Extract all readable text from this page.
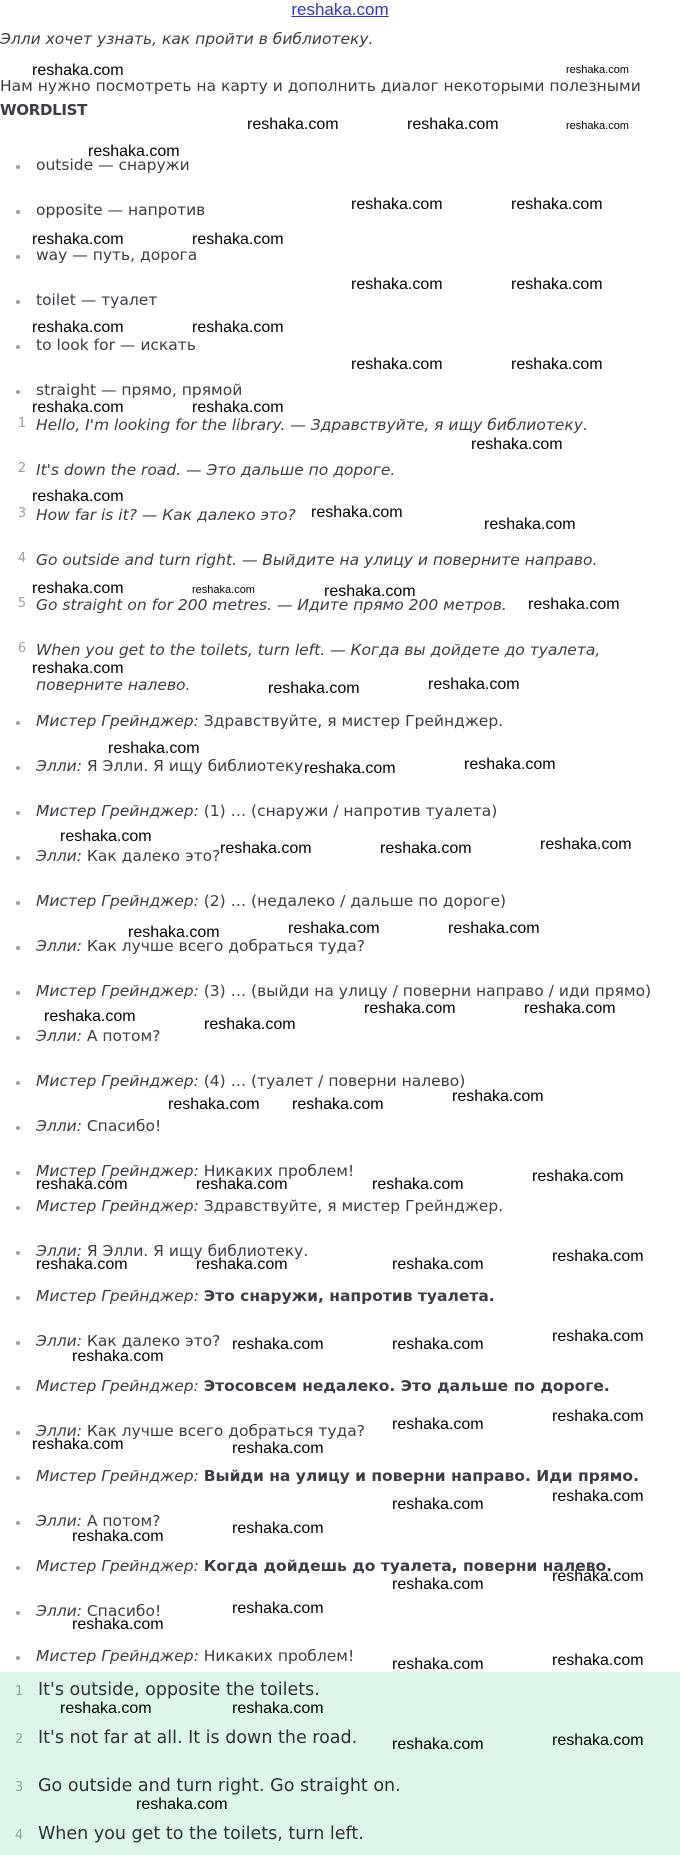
reshaka.com
Элли хочет узнать, как пройти в библиотеку.
Нам нужно посмотреть на карту и дополнить диалог некоторыми полезными
WORDLIST
outside — снаружи
opposite — напротив
way — путь, дорога
toilet — туалет
to look for — искать
straight — прямо, прямой
1 Hello, I'm looking for the library. — Здравствуйте, я ищу библиотеку.
2 It's down the road. — Это дальше по дороге.
3 How far is it? — Как далеко это?
4 Go outside and turn right. — Выйдите на улицу и поверните направо.
5 Go straight on for 200 metres. — Идите прямо 200 метров.
6 When you get to the toilets, turn left. — Когда вы дойдете до туалета,
поверните налево.
Мистер Грейнджер: Здравствуйте, я мистер Грейнджер.
Элли: Я Элли. Я ищу библиотеку.
Мистер Грейнджер: (1) … (снаружи / напротив туалета)
Элли: Как далеко это?
Мистер Грейнджер: (2) … (недалеко / дальше по дороге)
Элли: Как лучше всего добраться туда?
Мистер Грейнджер: (3) … (выйди на улицу / поверни направо / иди прямо)
Элли: А потом?
Мистер Грейнджер: (4) … (туалет / поверни налево)
Элли: Спасибо!
Мистер Грейнджер: Никаких проблем!
Мистер Грейнджер: Здравствуйте, я мистер Грейнджер.
Элли: Я Элли. Я ищу библиотеку.
Мистер Грейнджер: Это снаружи, напротив туалета.
Элли: Как далеко это?
Мистер Грейнджер: Этосовсем недалеко. Это дальше по дороге.
Элли: Как лучше всего добраться туда?
Мистер Грейнджер: Выйди на улицу и поверни направо. Иди прямо.
Элли: А потом?
Мистер Грейнджер: Когда дойдешь до туалета, поверни налево.
Элли: Спасибо!
Мистер Грейнджер: Никаких проблем!
1 It's outside, opposite the toilets.
2 It's not far at all. It is down the road.
3 Go outside and turn right. Go straight on.
4 When you get to the toilets, turn left.
reshaka.com	reshaka.com
reshaka.com	reshaka.com	reshaka.com
reshaka.com
reshaka.com	reshaka.com
reshaka.com	reshaka.com
reshaka.com	reshaka.com
reshaka.com	reshaka.com
reshaka.com	reshaka.com
reshaka.com	reshaka.com
reshaka.com
reshaka.com
reshaka.com
reshaka.com
reshaka.com	reshaka.com	reshaka.com
reshaka.com
reshaka.com
reshaka.com	reshaka.com
reshaka.com
reshaka.com	reshaka.com
reshaka.com
reshaka.com	reshaka.com	reshaka.com
reshaka.com	reshaka.com	reshaka.com
reshaka.com	reshaka.com
reshaka.com	reshaka.com
reshaka.com reshaka.com	reshaka.com
reshaka.com	reshaka.com	reshaka.com	reshaka.com
reshaka.com	reshaka.com	reshaka.com	reshaka.com
reshaka.com
reshaka.com	reshaka.com	reshaka.com
reshaka.com	reshaka.com
reshaka.com	reshaka.com
reshaka.com	reshaka.com
reshaka.com	reshaka.com
reshaka.com
reshaka.com
reshaka.com	reshaka.com
reshaka.com	reshaka.com
reshaka.com	reshaka.com
reshaka.com	reshaka.com
reshaka.com
